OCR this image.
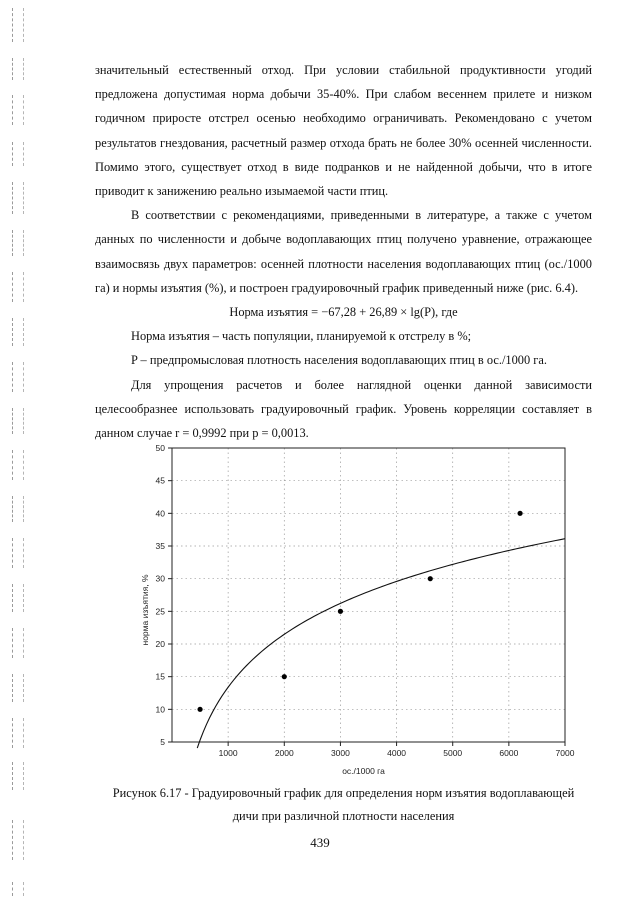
значительный естественный отход. При условии стабильной продуктивности угодий предложена допустимая норма добычи 35-40%. При слабом весеннем прилете и низком годичном приросте отстрел осенью необходимо ограничивать. Рекомендовано с учетом результатов гнездования, расчетный размер отхода брать не более 30% осенней численности. Помимо этого, существует отход в виде подранков и не найденной добычи, что в итоге приводит к занижению реально изымаемой части птиц.

В соответствии с рекомендациями, приведенными в литературе, а также с учетом данных по численности и добыче водоплавающих птиц получено уравнение, отражающее взаимосвязь двух параметров: осенней плотности населения водоплавающих птиц (ос./1000 га) и нормы изъятия (%), и построен градуировочный график приведенный ниже (рис. 6.4).

Норма изъятия = −67,28 + 26,89 × lg(P), где

Норма изъятия – часть популяции, планируемой к отстрелу в %;

P – предпромысловая плотность населения водоплавающих птиц в ос./1000 га.

Для упрощения расчетов и более наглядной оценки данной зависимости целесообразнее использовать градуировочный график. Уровень корреляции составляет в данном случае r = 0,9992 при p = 0,0013.

5
10
15
20
25
30
35
40
45
50
1000	2000	3000	4000	5000	6000	7000
ос./1000 га
норма изъятия, %
Рисунок 6.17 - Градуировочный график для определения норм изъятия водоплавающей
дичи при различной плотности населения
439
